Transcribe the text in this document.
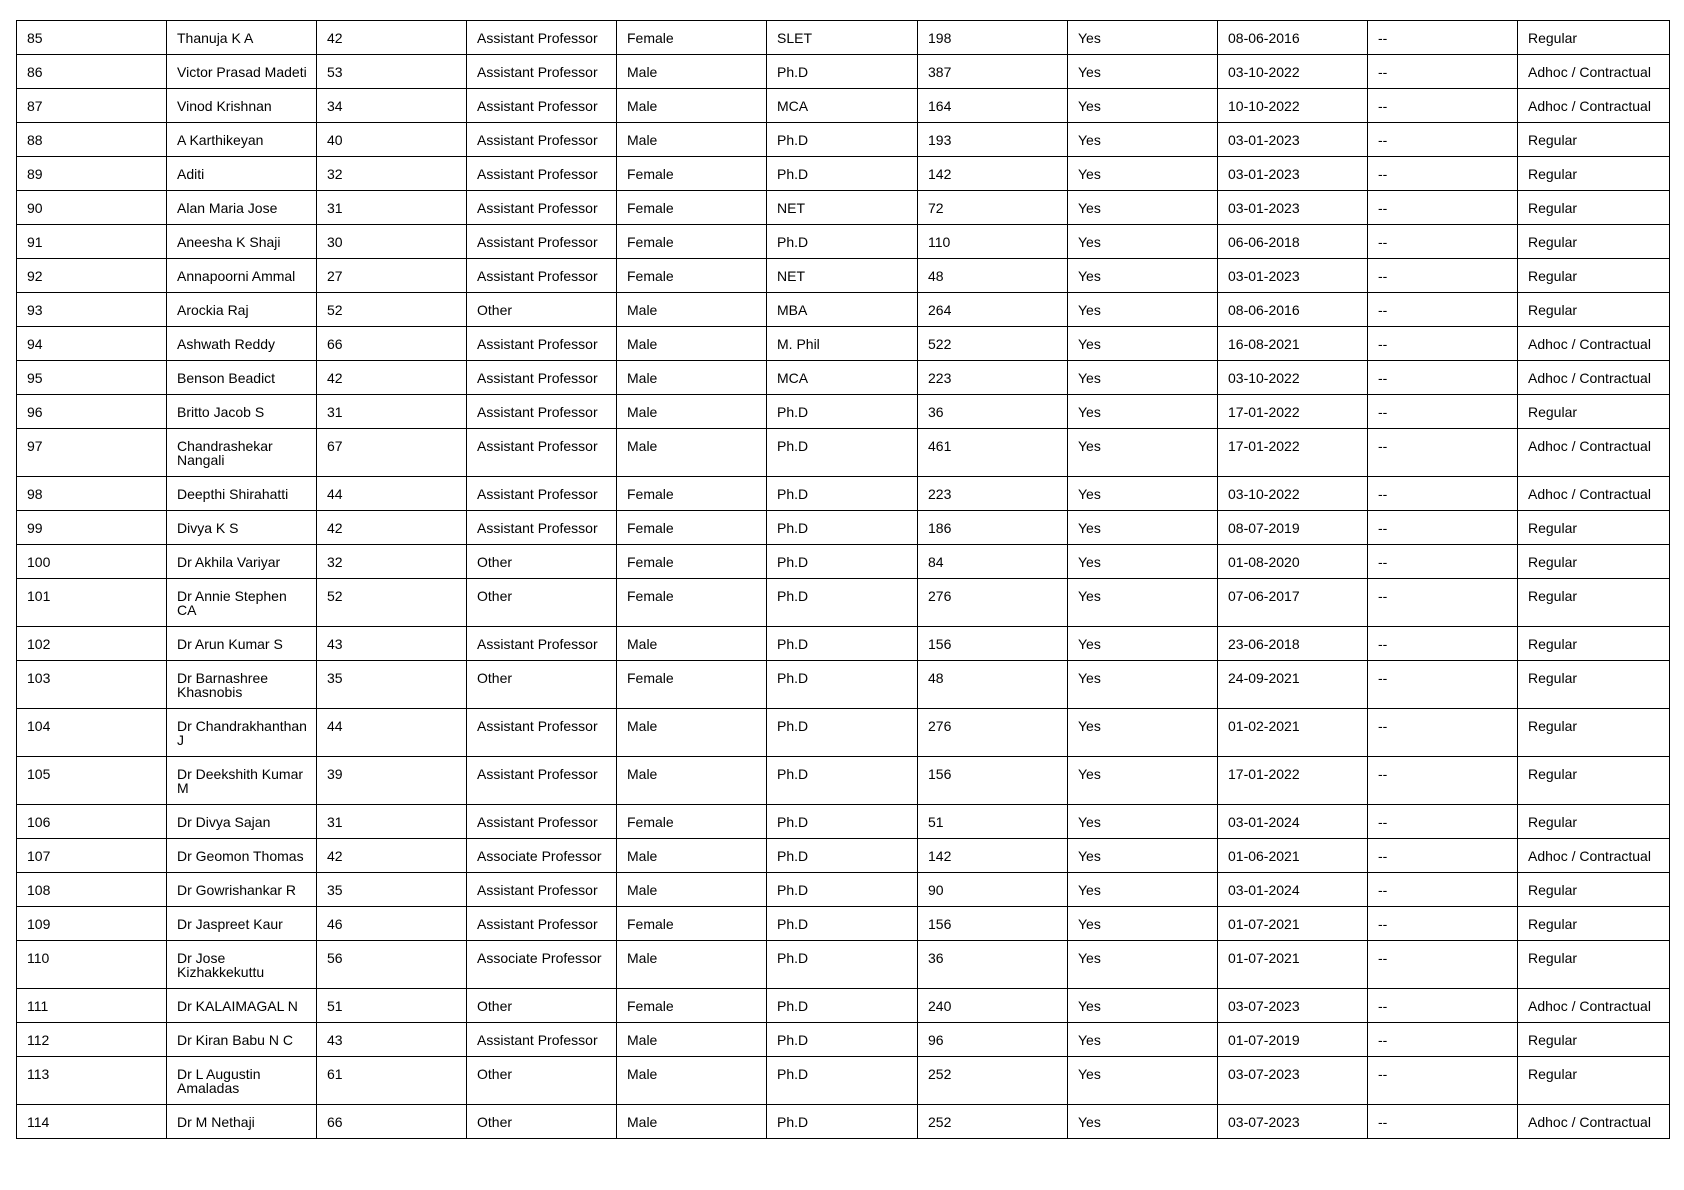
85	Thanuja K A	42	Assistant Professor	Female	SLET	198	Yes	08-06-2016	--	Regular
86	Victor Prasad Madeti	53	Assistant Professor	Male	Ph.D	387	Yes	03-10-2022	--	Adhoc / Contractual
87	Vinod Krishnan	34	Assistant Professor	Male	MCA	164	Yes	10-10-2022	--	Adhoc / Contractual
88	A Karthikeyan	40	Assistant Professor	Male	Ph.D	193	Yes	03-01-2023	--	Regular
89	Aditi	32	Assistant Professor	Female	Ph.D	142	Yes	03-01-2023	--	Regular
90	Alan Maria Jose	31	Assistant Professor	Female	NET	72	Yes	03-01-2023	--	Regular
91	Aneesha K Shaji	30	Assistant Professor	Female	Ph.D	110	Yes	06-06-2018	--	Regular
92	Annapoorni Ammal	27	Assistant Professor	Female	NET	48	Yes	03-01-2023	--	Regular
93	Arockia Raj	52	Other	Male	MBA	264	Yes	08-06-2016	--	Regular
94	Ashwath Reddy	66	Assistant Professor	Male	M. Phil	522	Yes	16-08-2021	--	Adhoc / Contractual
95	Benson Beadict	42	Assistant Professor	Male	MCA	223	Yes	03-10-2022	--	Adhoc / Contractual
96	Britto Jacob S	31	Assistant Professor	Male	Ph.D	36	Yes	17-01-2022	--	Regular
97	Chandrashekar Nangali	67	Assistant Professor	Male	Ph.D	461	Yes	17-01-2022	--	Adhoc / Contractual
98	Deepthi Shirahatti	44	Assistant Professor	Female	Ph.D	223	Yes	03-10-2022	--	Adhoc / Contractual
99	Divya K S	42	Assistant Professor	Female	Ph.D	186	Yes	08-07-2019	--	Regular
100	Dr Akhila Variyar	32	Other	Female	Ph.D	84	Yes	01-08-2020	--	Regular
101	Dr Annie Stephen CA	52	Other	Female	Ph.D	276	Yes	07-06-2017	--	Regular
102	Dr Arun Kumar S	43	Assistant Professor	Male	Ph.D	156	Yes	23-06-2018	--	Regular
103	Dr Barnashree Khasnobis	35	Other	Female	Ph.D	48	Yes	24-09-2021	--	Regular
104	Dr Chandrakhanthan J	44	Assistant Professor	Male	Ph.D	276	Yes	01-02-2021	--	Regular
105	Dr Deekshith Kumar M	39	Assistant Professor	Male	Ph.D	156	Yes	17-01-2022	--	Regular
106	Dr Divya Sajan	31	Assistant Professor	Female	Ph.D	51	Yes	03-01-2024	--	Regular
107	Dr Geomon Thomas	42	Associate Professor	Male	Ph.D	142	Yes	01-06-2021	--	Adhoc / Contractual
108	Dr Gowrishankar R	35	Assistant Professor	Male	Ph.D	90	Yes	03-01-2024	--	Regular
109	Dr Jaspreet Kaur	46	Assistant Professor	Female	Ph.D	156	Yes	01-07-2021	--	Regular
110	Dr Jose Kizhakkekuttu	56	Associate Professor	Male	Ph.D	36	Yes	01-07-2021	--	Regular
111	Dr KALAIMAGAL N	51	Other	Female	Ph.D	240	Yes	03-07-2023	--	Adhoc / Contractual
112	Dr Kiran Babu N C	43	Assistant Professor	Male	Ph.D	96	Yes	01-07-2019	--	Regular
113	Dr L Augustin Amaladas	61	Other	Male	Ph.D	252	Yes	03-07-2023	--	Regular
114	Dr M Nethaji	66	Other	Male	Ph.D	252	Yes	03-07-2023	--	Adhoc / Contractual
